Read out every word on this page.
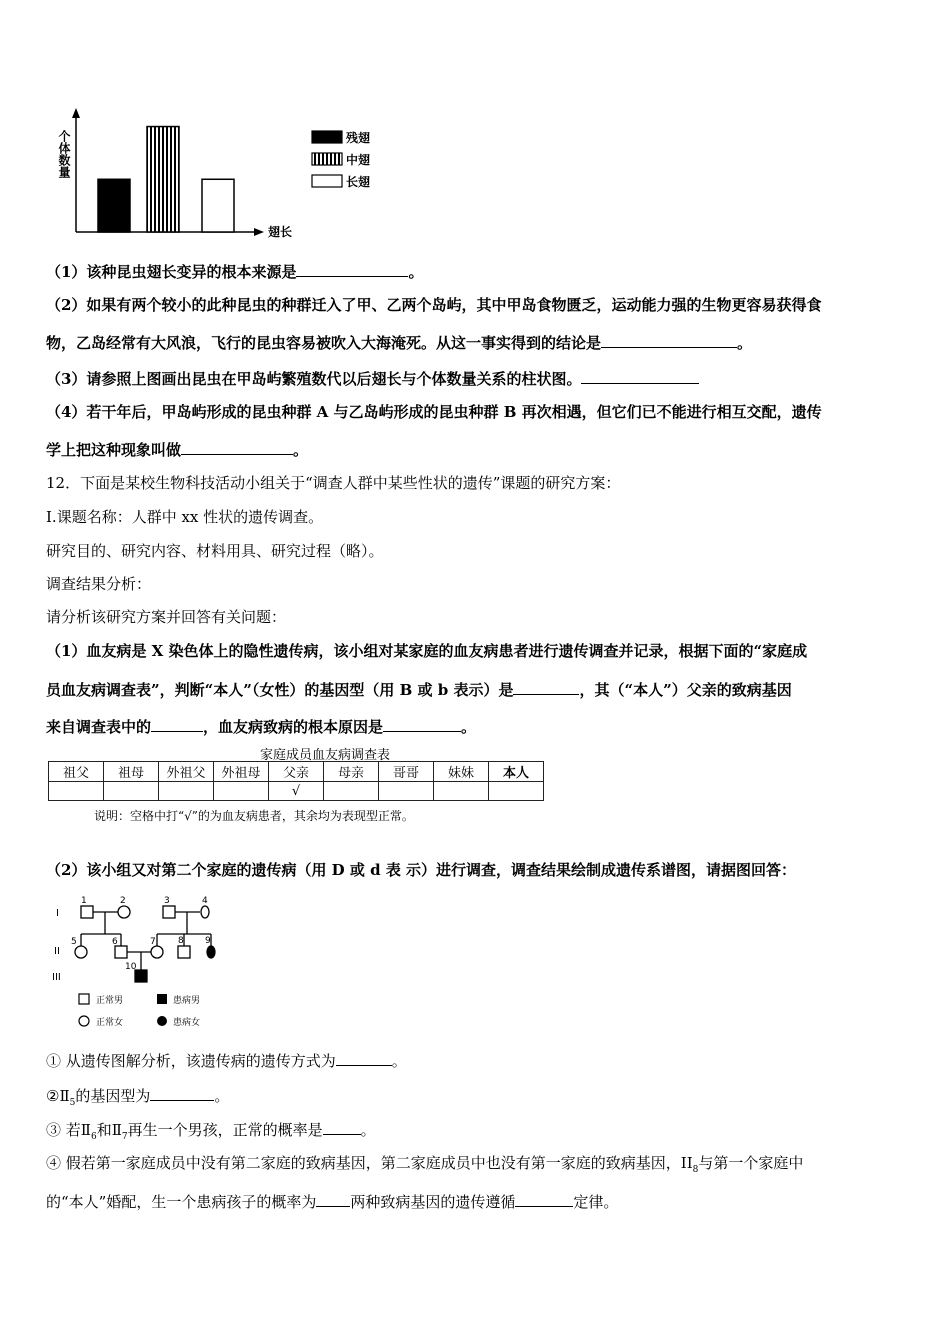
个体数量
翅长
残翅
中翅
长翅
（1）该种昆虫翅长变异的根本来源是	。
（2）如果有两个较小的此种昆虫的种群迁入了甲、乙两个岛屿，其中甲岛食物匮乏，运动能力强的生物更容易获得食
物，乙岛经常有大风浪，飞行的昆虫容易被吹入大海淹死。从这一事实得到的结论是	。
（3）请参照上图画出昆虫在甲岛屿繁殖数代以后翅长与个体数量关系的柱状图。
（4）若干年后，甲岛屿形成的昆虫种群 A 与乙岛屿形成的昆虫种群 B 再次相遇，但它们已不能进行相互交配，遗传
学上把这种现象叫做	。
12．下面是某校生物科技活动小组关于“调查人群中某些性状的遗传”课题的研究方案：
I.课题名称：人群中 xx 性状的遗传调查。
研究目的、研究内容、材料用具、研究过程（略）。
调查结果分析：
请分析该研究方案并回答有关问题：
（1）血友病是 X 染色体上的隐性遗传病，该小组对某家庭的血友病患者进行遗传调查并记录，根据下面的“家庭成
员血友病调查表”，判断“本人”（女性）的基因型（用 B 或 b 表示）是	，其（“本人”）父亲的致病基因
来自调查表中的	，血友病致病的根本原因是	。
家庭成员血友病调查表
祖父	祖母	外祖父	外祖母	父亲	母亲	哥哥	妹妹	本人
				√				
说明：空格中打“√”的为血友病患者，其余均为表现型正常。
（2）该小组又对第二个家庭的遗传病（用 D 或 d 表 示）进行调查，调查结果绘制成遗传系谱图，请据图回答：
I
II
III
1	2	3	4
5	6	7 8 9
10
正常男	患病男
正常女	患病女
① 从遗传图解分析，该遗传病的遗传方式为	。
$②Ⅱ_5$的基因型为	。
③ 若$Ⅱ_6$和$Ⅱ_7$再生一个男孩，正常的概率是	。
④ 假若第一家庭成员中没有第二家庭的致病基因，第二家庭成员中也没有第一家庭的致病基因，$II_8$与第一个家庭中
的“本人”婚配，生一个患病孩子的概率为 两种致病基因的遗传遵循	定律。
